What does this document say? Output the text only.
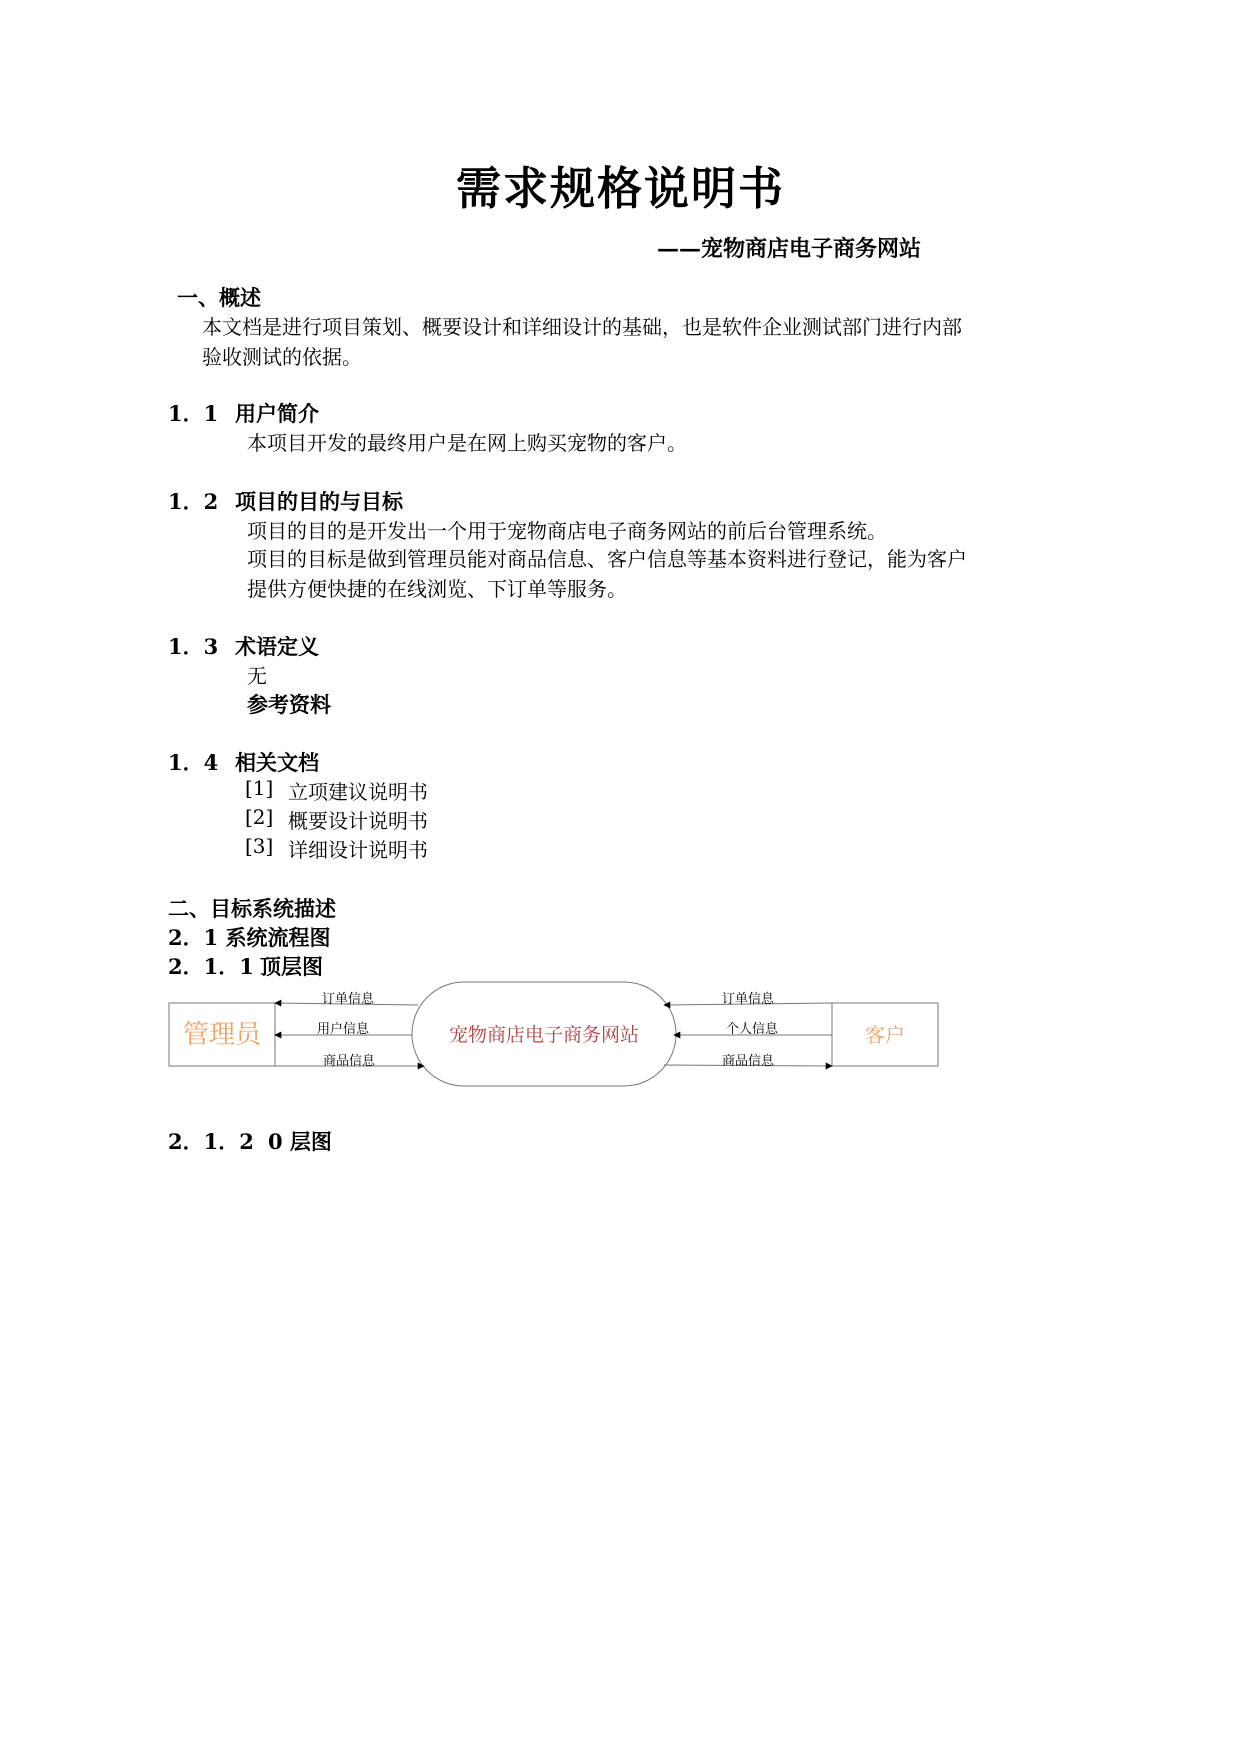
需求规格说明书
——宠物商店电子商务网站
一、概述
本文档是进行项目策划、概要设计和详细设计的基础，也是软件企业测试部门进行内部
验收测试的依据。
1．1 用户简介
本项目开发的最终用户是在网上购买宠物的客户。
1．2 项目的目的与目标
项目的目的是开发出一个用于宠物商店电子商务网站的前后台管理系统。
项目的目标是做到管理员能对商品信息、客户信息等基本资料进行登记，能为客户
提供方便快捷的在线浏览、下订单等服务。
1．3 术语定义
无
参考资料
1．4 相关文档
[1] 立项建议说明书
[2] 概要设计说明书
[3] 详细设计说明书
二、目标系统描述
2．1 系统流程图
2．1．1 顶层图
管理员	客户
宠物商店电子商务网站
订单信息
用户信息
商品信息
订单信息
个人信息
商品信息
2．1．2 0 层图
